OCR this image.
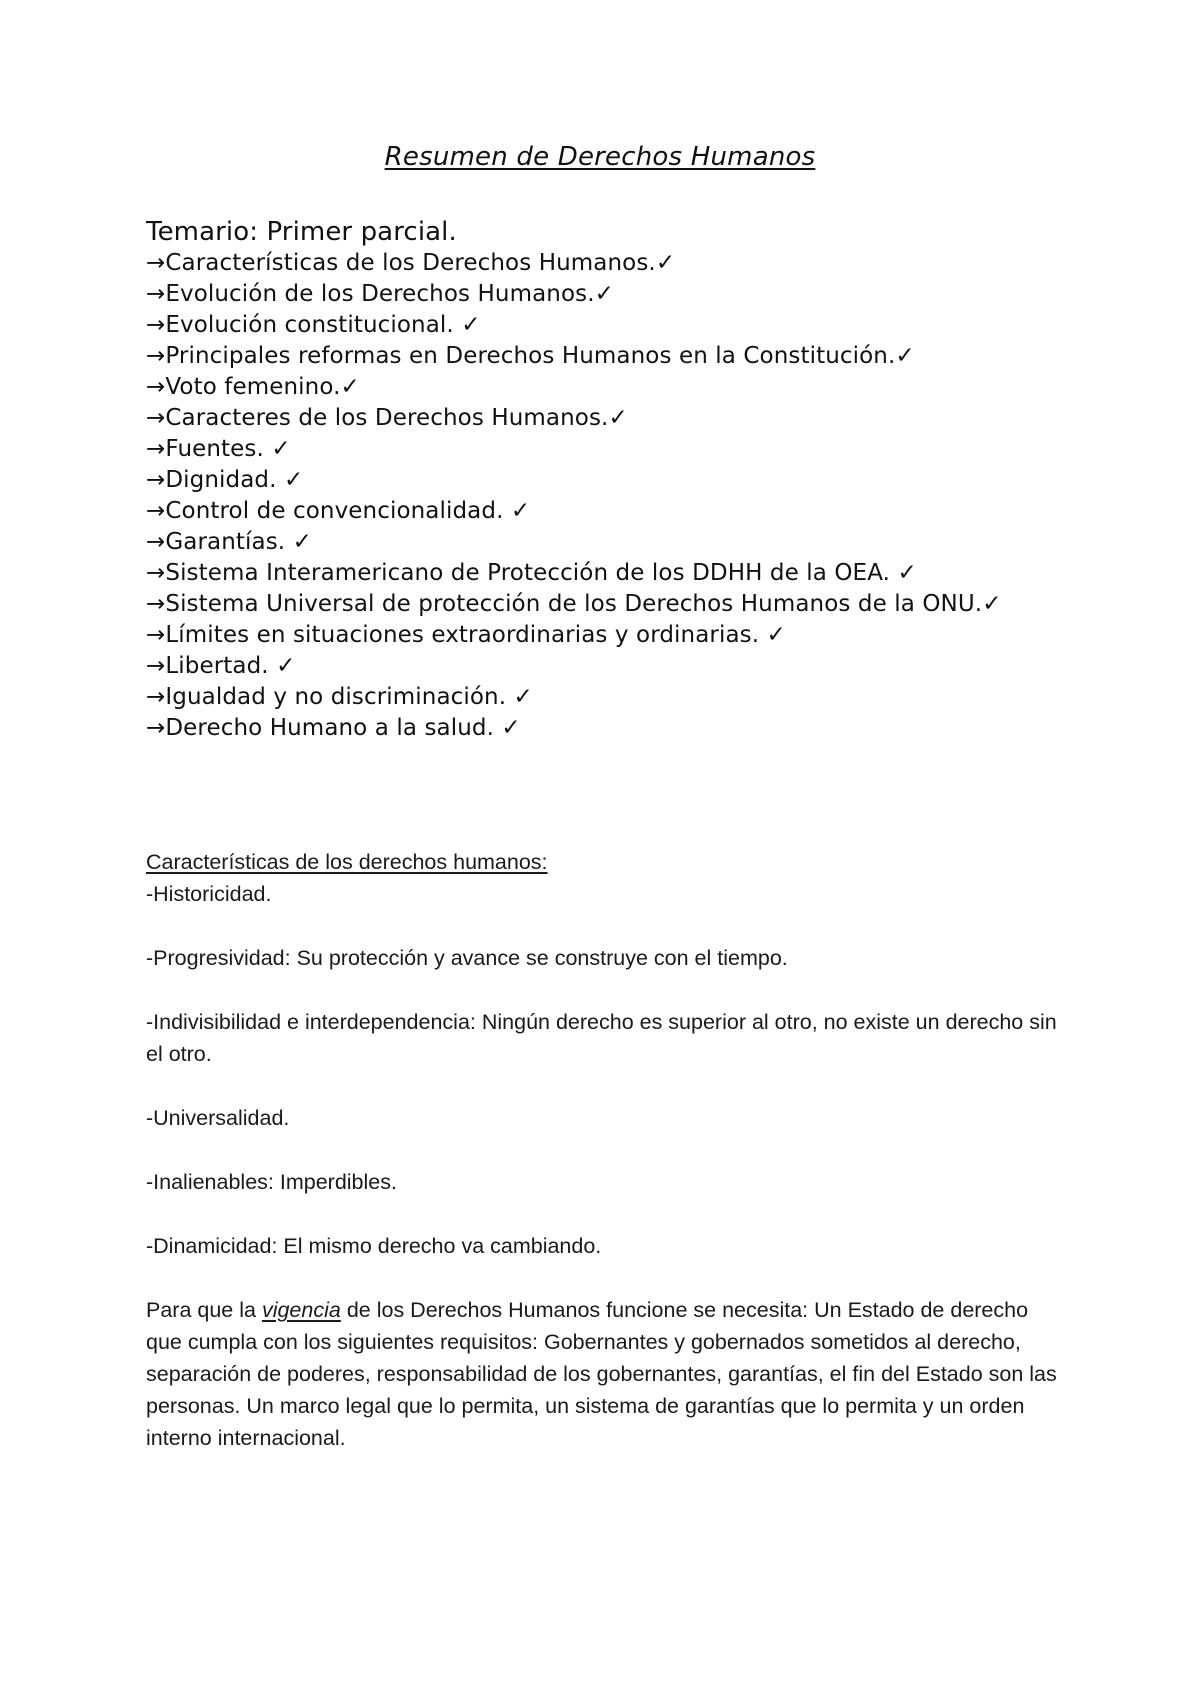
Resumen de Derechos Humanos
Temario: Primer parcial.
→Características de los Derechos Humanos.✓
→Evolución de los Derechos Humanos.✓
→Evolución constitucional. ✓
→Principales reformas en Derechos Humanos en la Constitución.✓
→Voto femenino.✓
→Caracteres de los Derechos Humanos.✓
→Fuentes. ✓
→Dignidad. ✓
→Control de convencionalidad. ✓
→Garantías. ✓
→Sistema Interamericano de Protección de los DDHH de la OEA. ✓
→Sistema Universal de protección de los Derechos Humanos de la ONU.✓
→Límites en situaciones extraordinarias y ordinarias. ✓
→Libertad. ✓
→Igualdad y no discriminación. ✓
→Derecho Humano a la salud. ✓

Características de los derechos humanos:

-Historicidad.

-Progresividad: Su protección y avance se construye con el tiempo.

-Indivisibilidad e interdependencia: Ningún derecho es superior al otro, no existe un derecho sin el otro.

-Universalidad.

-Inalienables: Imperdibles.

-Dinamicidad: El mismo derecho va cambiando.

Para que la vigencia de los Derechos Humanos funcione se necesita: Un Estado de derecho que cumpla con los siguientes requisitos: Gobernantes y gobernados sometidos al derecho, separación de poderes, responsabilidad de los gobernantes, garantías, el fin del Estado son las personas. Un marco legal que lo permita, un sistema de garantías que lo permita y un orden interno internacional.
